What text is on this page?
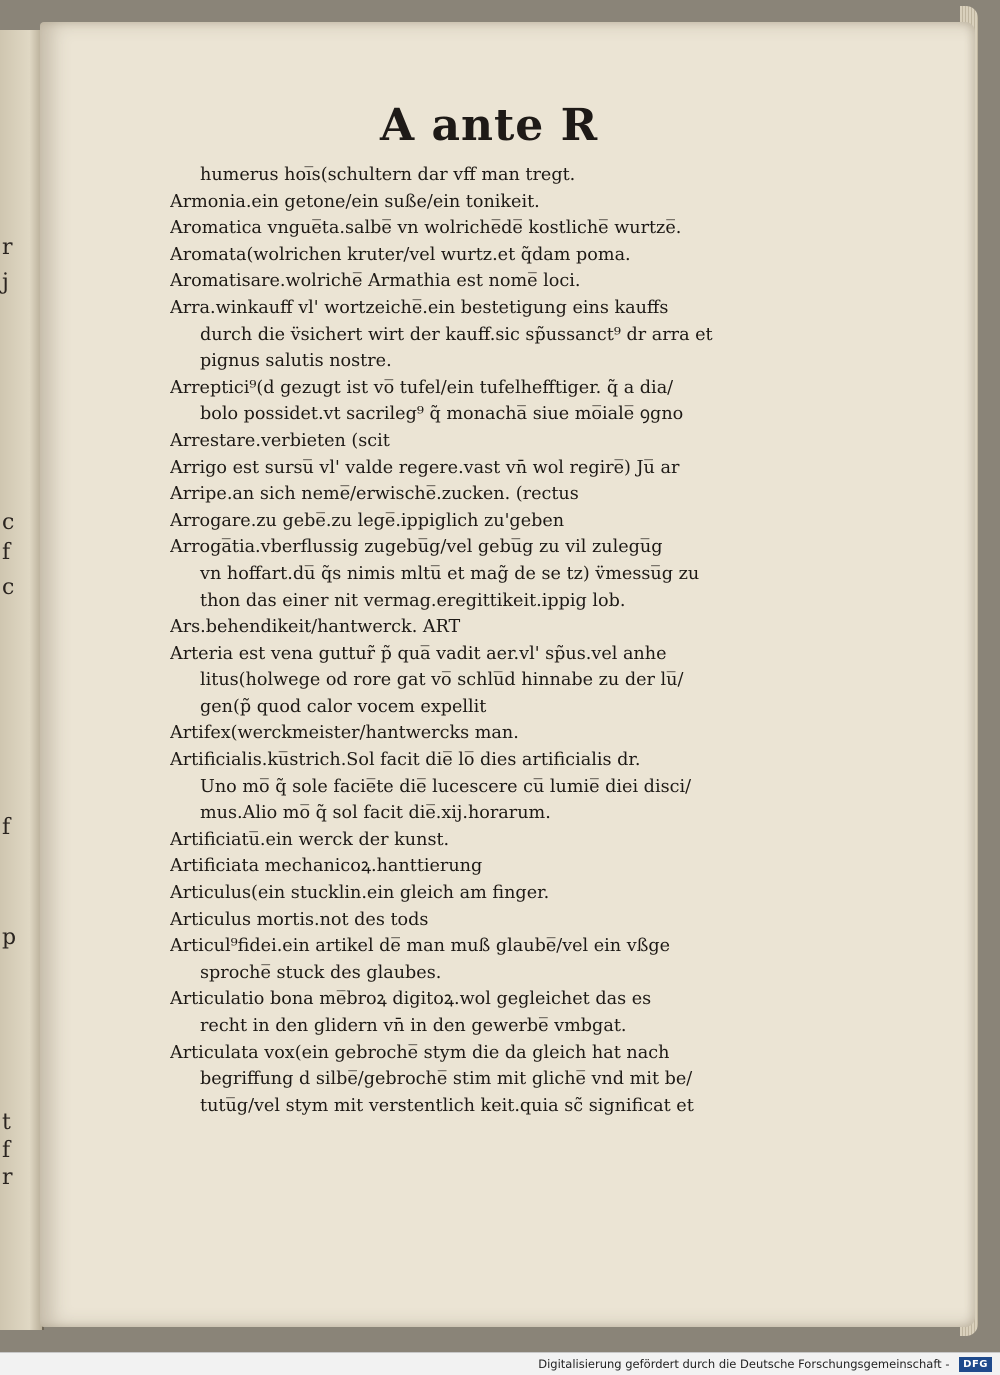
r
j
c
f
c
f
p
t
f
r
A ante R
humerus hoi̅s(schultern dar vff man tregt.
Armonia.ein getone/ein suße/ein tonikeit.
Aromatica vngue̅ta.salbe̅ vn wolriche̅de̅ kostliche̅ wurtze̅.
Aromata(wolrichen kruter/vel wurtz.et q̃dam poma.
Aromatisare.wolriche̅ Armathia est nome̅ loci.
Arra.winkauff vl' wortzeiche̅.ein bestetigung eins kauffs
durch die v̈sichert wirt der kauff.sic sp̃ussanct⁹ dr arra et
pignus salutis nostre.
Arreptici⁹(d gezugt ist vo̅ tufel/ein tufelhefftiger. q̃ a dia/
bolo possidet.vt sacrileg⁹ q̃ monacha̅ siue mo̅iale̅ ꝯgno
Arrestare.verbieten (scit
Arrigo est sursu̅ vl' valde regere.vast vn̄ wol regire̅) Ju̅ ar
Arripe.an sich neme̅/erwische̅.zucken. (rectus
Arrogare.zu gebe̅.zu lege̅.ippiglich zu'geben
Arroga̅tia.vberflussig zugebu̅g/vel gebu̅g zu vil zulegu̅g
vn hoffart.du̅ q̃s nimis mltu̅ et mag̃ de se tz) v̈messu̅g zu
thon das einer nit vermag.eregittikeit.ippig lob.
Ars.behendikeit/hantwerck. ART
Arteria est vena guttur̃ p̃ qua̅ vadit aer.vl' sp̃us.vel anhe
litus(holwege od rore gat vo̅ schlu̅d hinnabe zu der lu̅/
gen(p̃ quod calor vocem expellit
Artifex(werckmeister/hantwercks man.
Artificialis.ku̅strich.Sol facit die̅ lo̅ dies artificialis dr.
Uno mo̅ q̃ sole facie̅te die̅ lucescere cu̅ lumie̅ diei disci/
mus.Alio mo̅ q̃ sol facit die̅.xij.horarum.
Artificiatu̅.ein werck der kunst.
Artificiata mechanicoꝝ.hanttierung
Articulus(ein stucklin.ein gleich am finger.
Articulus mortis.not des tods
Articul⁹fidei.ein artikel de̅ man muß glaube̅/vel ein vßge
sproche̅ stuck des glaubes.
Articulatio bona me̅broꝝ digitoꝝ.wol gegleichet das es
recht in den glidern vn̄ in den gewerbe̅ vmbgat.
Articulata vox(ein gebroche̅ stym die da gleich hat nach
begriffung d silbe̅/gebroche̅ stim mit gliche̅ vnd mit be/
tutu̅g/vel stym mit verstentlich keit.quia sc̃ significat et
Digitalisierung gefördert durch die Deutsche Forschungsgemeinschaft - DFG
